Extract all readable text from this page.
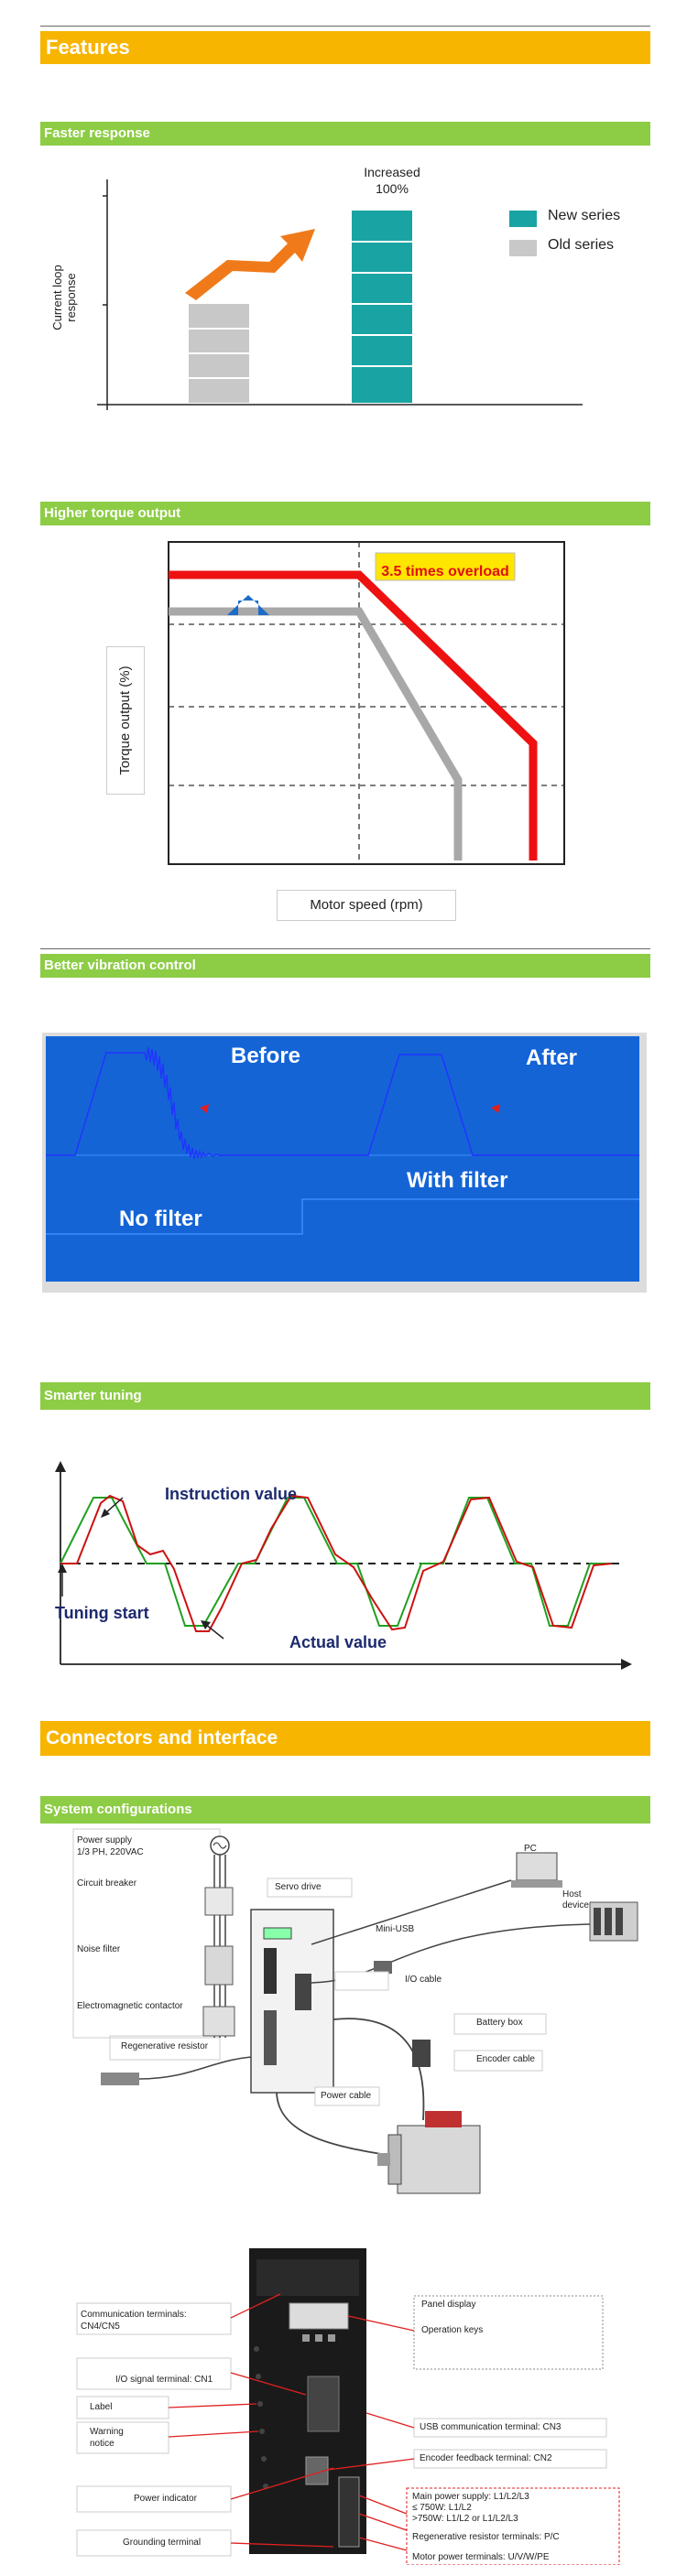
Features
Faster response
Increased
100%
New series
Old series
Current loop response
Higher torque output
3.5 times overload
Torque output (%)
Motor speed (rpm)
Better vibration control
Before	After
With filter
No filter
Smarter tuning
Instruction value
Tuning start
Actual value
Connectors and interface
System configurations
Power supply
1/3 PH, 220VAC
Circuit breaker
Noise filter
Electromagnetic contactor
Regenerative resistor
Servo drive
PC
Mini-USB
Host
device
I/O cable
Battery box
Encoder cable
Power cable
Communication terminals:
CN4/CN5
I/O signal terminal: CN1
Label
Warning
notice
Power indicator
Grounding terminal
Panel display
Operation keys
USB communication terminal: CN3
Encoder feedback terminal: CN2
Main power supply: L1/L2/L3
≤ 750W: L1/L2
>750W: L1/L2 or L1/L2/L3
Regenerative resistor terminals: P/C
Motor power terminals: U/V/W/PE
